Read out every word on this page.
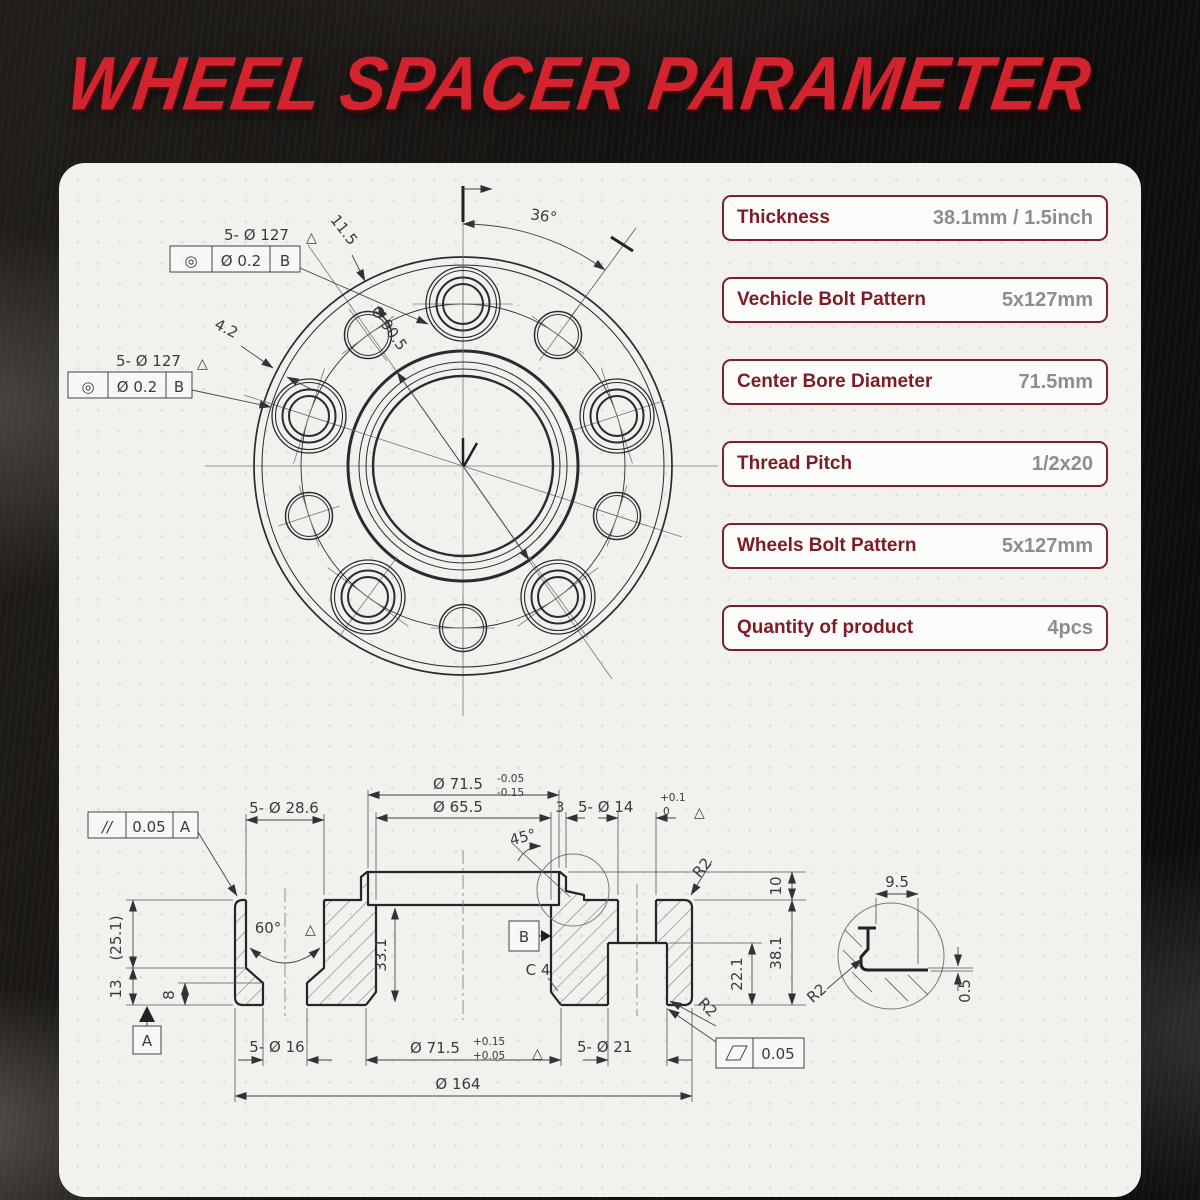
WHEEL SPACER PARAMETER
36°
Ø 90.5
11.5
4.2
5- Ø 127 △
◎ Ø 0.2 B
5- Ø 127 △
◎ Ø 0.2 B
// 0.05 A
5- Ø 28.6
60° △
(25.1)
13 8
A	5- Ø 16
Ø 71.5 -0.05
-0.15
Ø 65.5	3 5- Ø 14	+0.1
0 △
45°
B
C 4
33.1
Ø 71.5 +0.15
+0.05 △ 5- Ø 21
Ø 164
10
38.1
22.1
R2
R2
0.05
9.5
R2	0.5
Thickness	38.1mm / 1.5inch
Vechicle Bolt Pattern	5x127mm
Center Bore Diameter	71.5mm
Thread Pitch	1/2x20
Wheels Bolt Pattern	5x127mm
Quantity of product	4pcs
